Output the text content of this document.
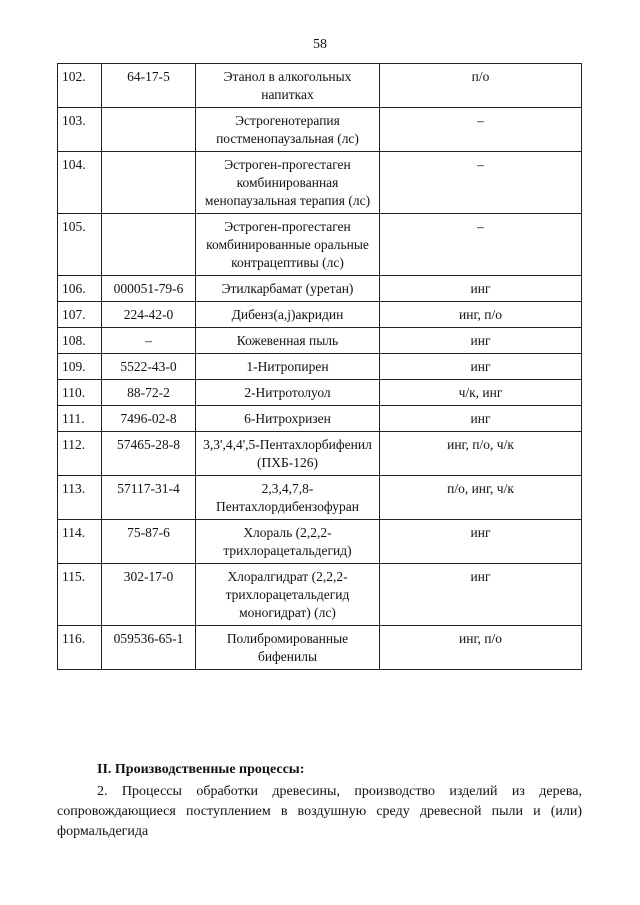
58
102.	64-17-5	Этанол в алкогольных напитках	п/о
103.		Эстрогенотерапия постменопаузальная (лс)	–
104.		Эстроген-прогестаген комбинированная менопаузальная терапия (лс)	–
105.		Эстроген-прогестаген комбинированные оральные контрацептивы (лс)	–
106.	000051-79-6	Этилкарбамат (уретан)	инг
107.	224-42-0	Дибенз(a,j)акридин	инг, п/о
108.	–	Кожевенная пыль	инг
109.	5522-43-0	1-Нитропирен	инг
110.	88-72-2	2-Нитротолуол	ч/к, инг
111.	7496-02-8	6-Нитрохризен	инг
112.	57465-28-8	3,3',4,4',5-Пентахлорбифенил (ПХБ-126)	инг, п/о, ч/к
113.	57117-31-4	2,3,4,7,8-Пентахлордибензофуран	п/о, инг, ч/к
114.	75-87-6	Хлораль (2,2,2-трихлорацетальдегид)	инг
115.	302-17-0	Хлоралгидрат (2,2,2-трихлорацетальдегид моногидрат) (лс)	инг
116.	059536-65-1	Полибромированные бифенилы	инг, п/о
II. Производственные процессы:
2. Процессы обработки древесины, производство изделий из дерева, сопровождающиеся поступлением в воздушную среду древесной пыли и (или) формальдегида
